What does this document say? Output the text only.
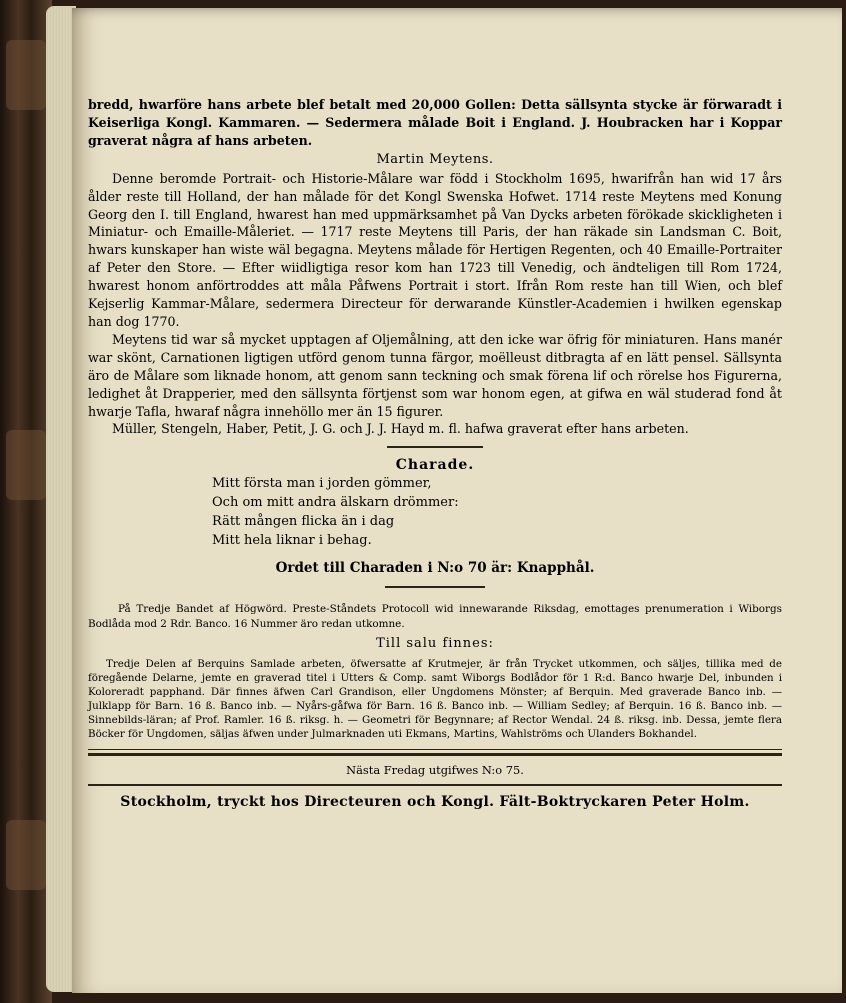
bredd, hwarföre hans arbete blef betalt med 20,000 Gollen: Detta sällsynta stycke är förwaradt i Keiserliga Kongl. Kammaren. — Sedermera målade Boit i England. J. Houbracken har i Koppar graverat några af hans arbeten.

Martin Meytens.

Denne beromde Portrait- och Historie-Målare war född i Stockholm 1695, hwarifrån han wid 17 års ålder reste till Holland, der han målade för det Kongl Swenska Hofwet. 1714 reste Meytens med Konung Georg den I. till England, hwarest han med uppmärksamhet på Van Dycks arbeten förökade skickligheten i Miniatur- och Emaille-Måleriet. — 1717 reste Meytens till Paris, der han räkade sin Landsman C. Boit, hwars kunskaper han wiste wäl begagna. Meytens målade för Hertigen Regenten, och 40 Emaille-Portraiter af Peter den Store. — Efter wiidligtiga resor kom han 1723 till Venedig, och ändteligen till Rom 1724, hwarest honom anförtroddes att måla Påfwens Portrait i stort. Ifrån Rom reste han till Wien, och blef Kejserlig Kammar-Målare, sedermera Directeur för derwarande Künstler-Academien i hwilken egenskap han dog 1770.

Meytens tid war så mycket upptagen af Oljemålning, att den icke war öfrig för miniaturen. Hans manér war skönt, Carnationen ligtigen utförd genom tunna färgor, moëlleust ditbragta af en lätt pensel. Sällsynta äro de Målare som liknade honom, att genom sann teckning och smak förena lif och rörelse hos Figurerna, ledighet åt Drapperier, med den sällsynta förtjenst som war honom egen, at gifwa en wäl studerad fond åt hwarje Tafla, hwaraf några innehöllo mer än 15 figurer.

Müller, Stengeln, Haber, Petit, J. G. och J. J. Hayd m. fl. hafwa graverat efter hans arbeten.

Charade.

Mitt första man i jorden gömmer,

Och om mitt andra älskarn drömmer:

Rätt mången flicka än i dag

Mitt hela liknar i behag.

Ordet till Charaden i N:o 70 är: Knapphål.

På Tredje Bandet af Högwörd. Preste-Ståndets Protocoll wid innewarande Riksdag, emottages prenumeration i Wiborgs Bodlåda mod 2 Rdr. Banco. 16 Nummer äro redan utkomne.

Till salu finnes:

Tredje Delen af Berquins Samlade arbeten, öfwersatte af Krutmejer, är från Trycket utkommen, och säljes, tillika med de föregående Delarne, jemte en graverad titel i Utters & Comp. samt Wiborgs Bodlådor för 1 R:d. Banco hwarje Del, inbunden i Koloreradt papphand. Där finnes äfwen Carl Grandison, eller Ungdomens Mönster; af Berquin. Med graverade Banco inb. — Julklapp för Barn. 16 ß. Banco inb. — Nyårs-gåfwa för Barn. 16 ß. Banco inb. — William Sedley; af Berquin. 16 ß. Banco inb. — Sinnebilds-läran; af Prof. Ramler. 16 ß. riksg. h. — Geometri för Begynnare; af Rector Wendal. 24 ß. riksg. inb. Dessa, jemte flera Böcker för Ungdomen, säljas äfwen under Julmarknaden uti Ekmans, Martins, Wahlströms och Ulanders Bokhandel.

Nästa Fredag utgifwes N:o 75.

Stockholm, tryckt hos Directeuren och Kongl. Fält-Boktryckaren Peter Holm.
